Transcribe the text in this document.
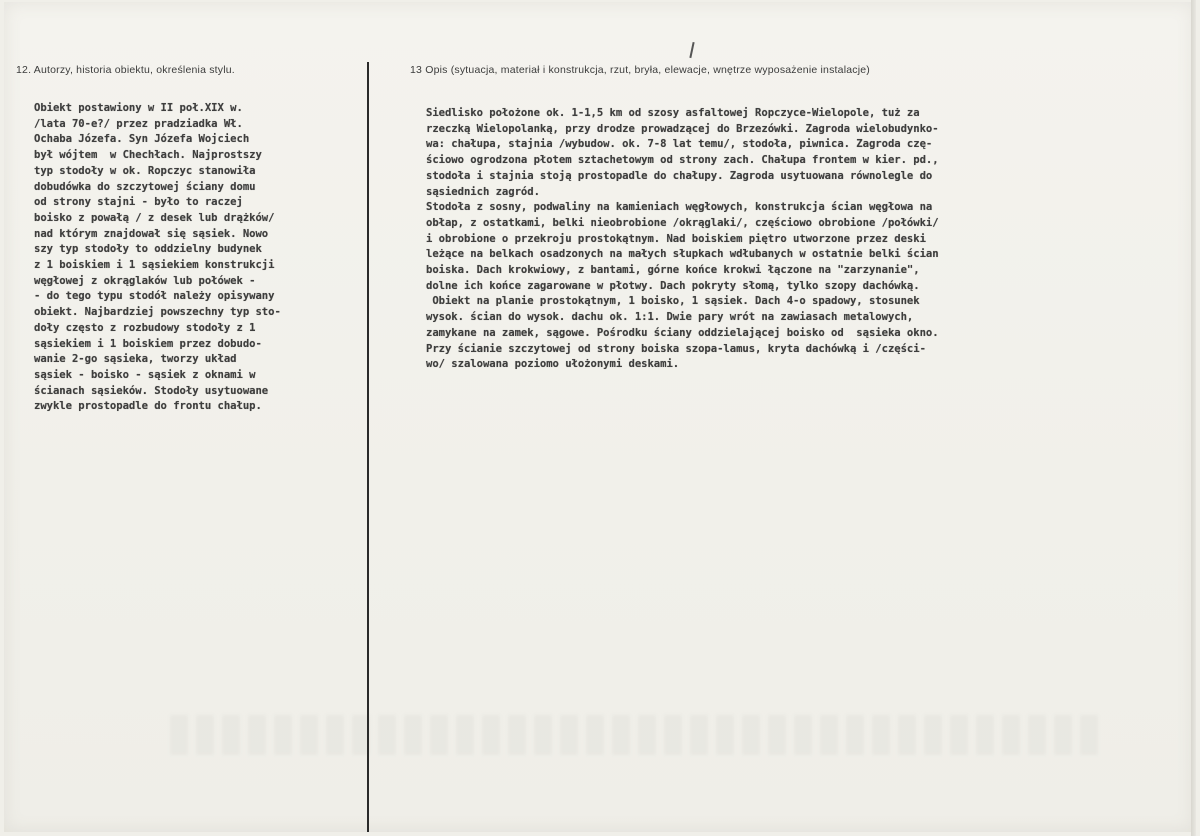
12. Autorzy, historia obiektu, określenia stylu.	13 Opis (sytuacja, materiał i konstrukcja, rzut, bryła, elewacje, wnętrze wyposażenie instalacje)
Obiekt postawiony w II poł.XIX w.
/lata 70-e?/ przez pradziadka Wł.
Ochaba Józefa. Syn Józefa Wojciech
był wójtem  w Chechłach. Najprostszy
typ stodoły w ok. Ropczyc stanowiła
dobudówka do szczytowej ściany domu
od strony stajni - było to raczej
boisko z powałą / z desek lub drążków/
nad którym znajdował się sąsiek. Nowo
szy typ stodoły to oddzielny budynek
z 1 boiskiem i 1 sąsiekiem konstrukcji
węgłowej z okrąglaków lub połówek -
- do tego typu stodół należy opisywany
obiekt. Najbardziej powszechny typ sto-
doły często z rozbudowy stodoły z 1
sąsiekiem i 1 boiskiem przez dobudo-
wanie 2-go sąsieka, tworzy układ
sąsiek - boisko - sąsiek z oknami w
ścianach sąsieków. Stodoły usytuowane
zwykle prostopadle do frontu chałup.
Siedlisko położone ok. 1-1,5 km od szosy asfaltowej Ropczyce-Wielopole, tuż za
rzeczką Wielopolanką, przy drodze prowadzącej do Brzezówki. Zagroda wielobudynko-
wa: chałupa, stajnia /wybudow. ok. 7-8 lat temu/, stodoła, piwnica. Zagroda czę-
ściowo ogrodzona płotem sztachetowym od strony zach. Chałupa frontem w kier. pd.,
stodoła i stajnia stoją prostopadle do chałupy. Zagroda usytuowana równolegle do
sąsiednich zagród.
Stodoła z sosny, podwaliny na kamieniach węgłowych, konstrukcja ścian węgłowa na
obłap, z ostatkami, belki nieobrobione /okrąglaki/, częściowo obrobione /połówki/
i obrobione o przekroju prostokątnym. Nad boiskiem piętro utworzone przez deski
leżące na belkach osadzonych na małych słupkach wdłubanych w ostatnie belki ścian
boiska. Dach krokwiowy, z bantami, górne końce krokwi łączone na "zarzynanie",
dolne ich końce zagarowane w płotwy. Dach pokryty słomą, tylko szopy dachówką.
Obiekt na planie prostokątnym, 1 boisko, 1 sąsiek. Dach 4-o spadowy, stosunek
wysok. ścian do wysok. dachu ok. 1:1. Dwie pary wrót na zawiasach metalowych,
zamykane na zamek, sągowe. Pośrodku ściany oddzielającej boisko od  sąsieka okno.
Przy ścianie szczytowej od strony boiska szopa-lamus, kryta dachówką i /części-
wo/ szalowana poziomo ułożonymi deskami.
